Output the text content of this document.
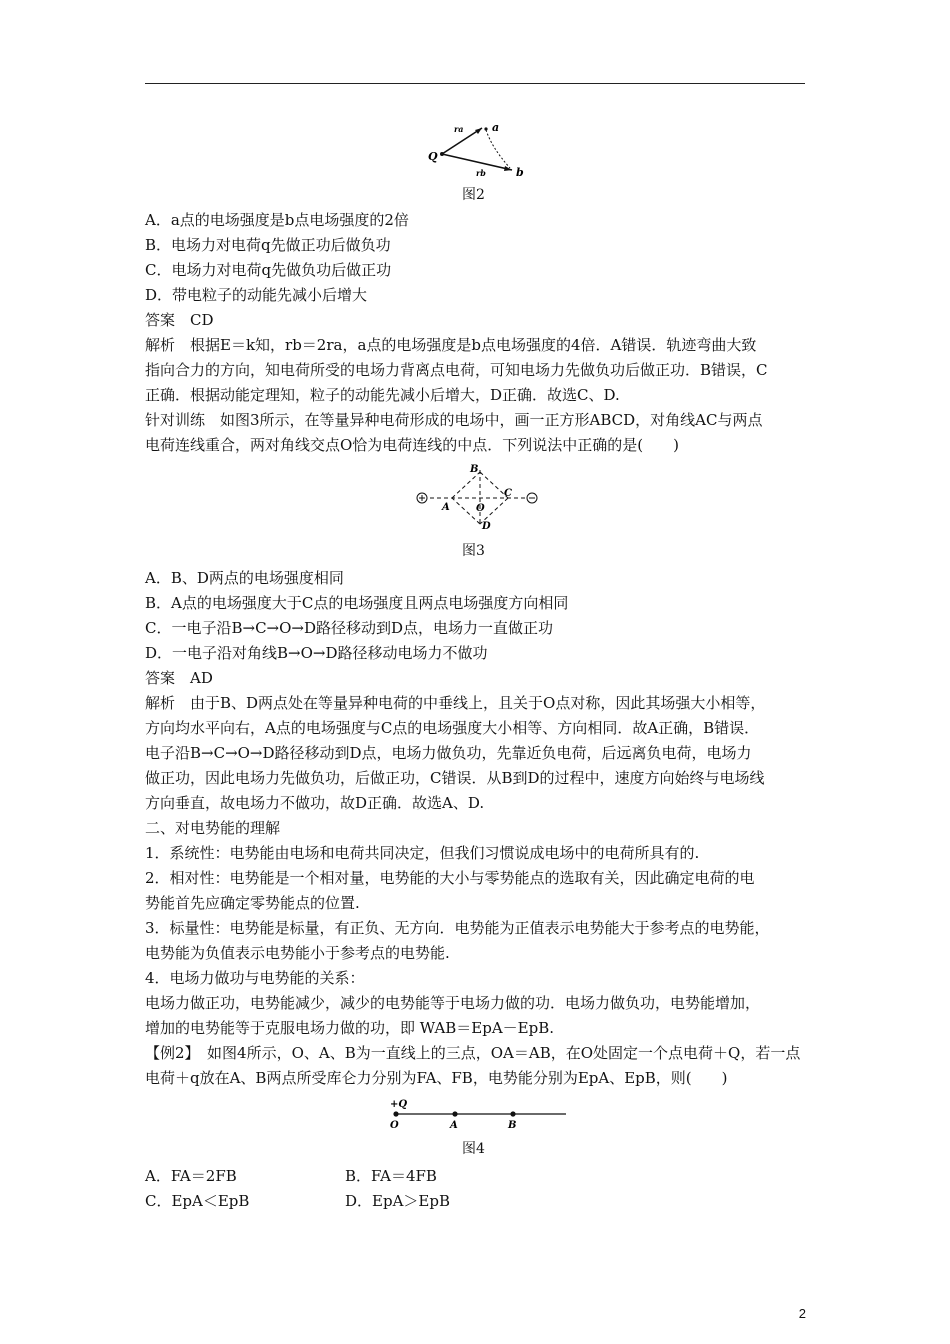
Q
ra	a
rb	b
图2
A．a点的电场强度是b点电场强度的2倍
B．电场力对电荷q先做正功后做负功
C．电场力对电荷q先做负功后做正功
D．带电粒子的动能先减小后增大
答案　CD
解析　根据E＝k知，rb＝2ra，a点的电场强度是b点电场强度的4倍．A错误．轨迹弯曲大致
指向合力的方向，知电荷所受的电场力背离点电荷，可知电场力先做负功后做正功．B错误，C
正确．根据动能定理知，粒子的动能先减小后增大，D正确．故选C、D.
针对训练　如图3所示，在等量异种电荷形成的电场中，画一正方形ABCD，对角线AC与两点
电荷连线重合，两对角线交点O恰为电荷连线的中点．下列说法中正确的是(　　)
B
A	O
C
D
图3
A．B、D两点的电场强度相同
B．A点的电场强度大于C点的电场强度且两点电场强度方向相同
C．一电子沿B→C→O→D路径移动到D点，电场力一直做正功
D．一电子沿对角线B→O→D路径移动电场力不做功
答案　AD
解析　由于B、D两点处在等量异种电荷的中垂线上，且关于O点对称，因此其场强大小相等，
方向均水平向右，A点的电场强度与C点的电场强度大小相等、方向相同．故A正确，B错误．
电子沿B→C→O→D路径移动到D点，电场力做负功，先靠近负电荷，后远离负电荷，电场力
做正功，因此电场力先做负功，后做正功，C错误．从B到D的过程中，速度方向始终与电场线
方向垂直，故电场力不做功，故D正确．故选A、D.
二、对电势能的理解
1．系统性：电势能由电场和电荷共同决定，但我们习惯说成电场中的电荷所具有的.
2．相对性：电势能是一个相对量，电势能的大小与零势能点的选取有关，因此确定电荷的电
势能首先应确定零势能点的位置.
3．标量性：电势能是标量，有正负、无方向．电势能为正值表示电势能大于参考点的电势能，
电势能为负值表示电势能小于参考点的电势能.
4．电场力做功与电势能的关系：
电场力做正功，电势能减少，减少的电势能等于电场力做的功．电场力做负功，电势能增加，
增加的电势能等于克服电场力做的功，即 WAB＝EpA－EpB.
【例2】　如图4所示，O、A、B为一直线上的三点，OA＝AB，在O处固定一个点电荷＋Q，若一点
电荷＋q放在A、B两点所受库仑力分别为FA、FB，电势能分别为EpA、EpB，则(　　)
+Q
O	A	B
图4
A．FA＝2FB	B．FA＝4FB
C．EpA＜EpB	D．EpA＞EpB
2
